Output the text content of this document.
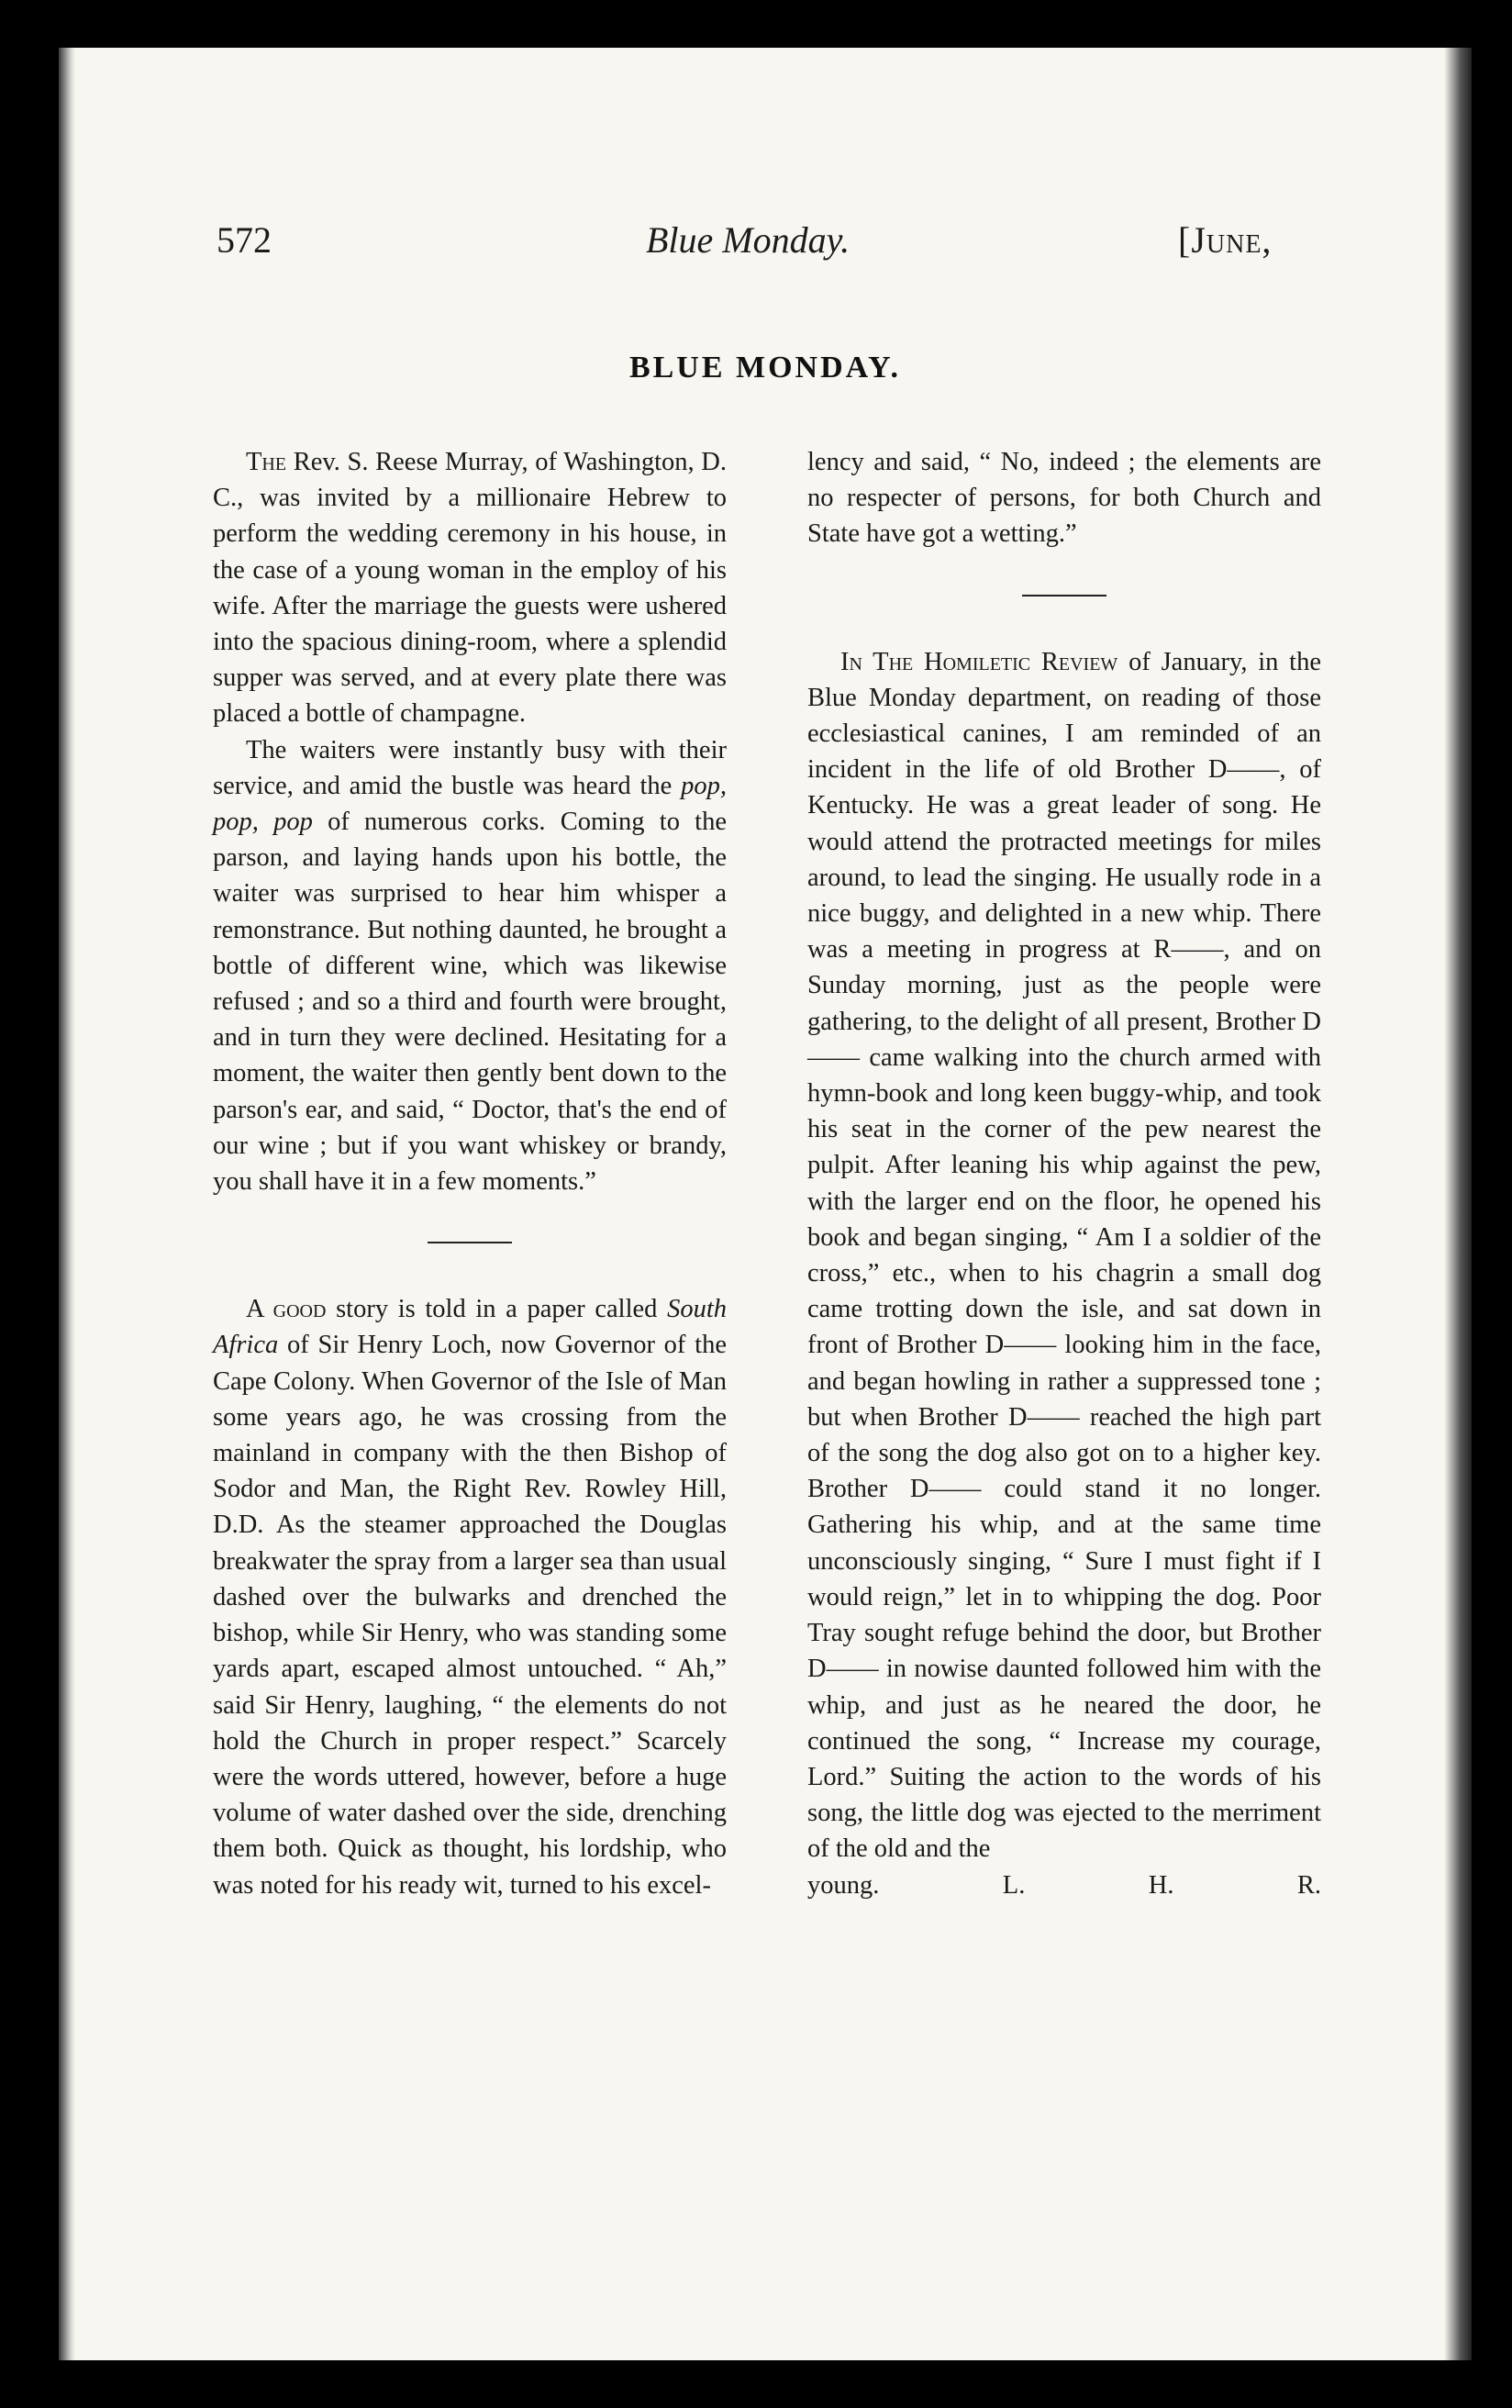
572	Blue Monday.	[June,
BLUE MONDAY.

The Rev. S. Reese Murray, of Washington, D. C., was invited by a millionaire Hebrew to perform the wedding ceremony in his house, in the case of a young woman in the employ of his wife. After the marriage the guests were ushered into the spacious dining-room, where a splendid supper was served, and at every plate there was placed a bottle of champagne.

The waiters were instantly busy with their service, and amid the bustle was heard the pop, pop, pop of numerous corks. Coming to the parson, and laying hands upon his bottle, the waiter was surprised to hear him whisper a remonstrance. But nothing daunted, he brought a bottle of different wine, which was likewise refused ; and so a third and fourth were brought, and in turn they were declined. Hesitating for a moment, the waiter then gently bent down to the parson's ear, and said, “ Doctor, that's the end of our wine ; but if you want whiskey or brandy, you shall have it in a few moments.”

A good story is told in a paper called South Africa of Sir Henry Loch, now Governor of the Cape Colony. When Governor of the Isle of Man some years ago, he was crossing from the mainland in company with the then Bishop of Sodor and Man, the Right Rev. Rowley Hill, D.D. As the steamer approached the Douglas breakwater the spray from a larger sea than usual dashed over the bulwarks and drenched the bishop, while Sir Henry, who was standing some yards apart, escaped almost untouched. “ Ah,” said Sir Henry, laughing, “ the elements do not hold the Church in proper respect.” Scarcely were the words uttered, however, before a huge volume of water dashed over the side, drenching them both. Quick as thought, his lordship, who was noted for his ready wit, turned to his excel-

lency and said, “ No, indeed ; the elements are no respecter of persons, for both Church and State have got a wetting.”

In The Homiletic Review of January, in the Blue Monday department, on reading of those ecclesiastical canines, I am reminded of an incident in the life of old Brother D——, of Kentucky. He was a great leader of song. He would attend the protracted meetings for miles around, to lead the singing. He usually rode in a nice buggy, and delighted in a new whip. There was a meeting in progress at R——, and on Sunday morning, just as the people were gathering, to the delight of all present, Brother D—— came walking into the church armed with hymn-book and long keen buggy-whip, and took his seat in the corner of the pew nearest the pulpit. After leaning his whip against the pew, with the larger end on the floor, he opened his book and began singing, “ Am I a soldier of the cross,” etc., when to his chagrin a small dog came trotting down the isle, and sat down in front of Brother D—— looking him in the face, and began howling in rather a suppressed tone ; but when Brother D—— reached the high part of the song the dog also got on to a higher key. Brother D—— could stand it no longer. Gathering his whip, and at the same time unconsciously singing, “ Sure I must fight if I would reign,” let in to whipping the dog. Poor Tray sought refuge behind the door, but Brother D—— in nowise daunted followed him with the whip, and just as he neared the door, he continued the song, “ Increase my courage, Lord.” Suiting the action to the words of his song, the little dog was ejected to the merriment of the old and the

young.	L. H. R.
